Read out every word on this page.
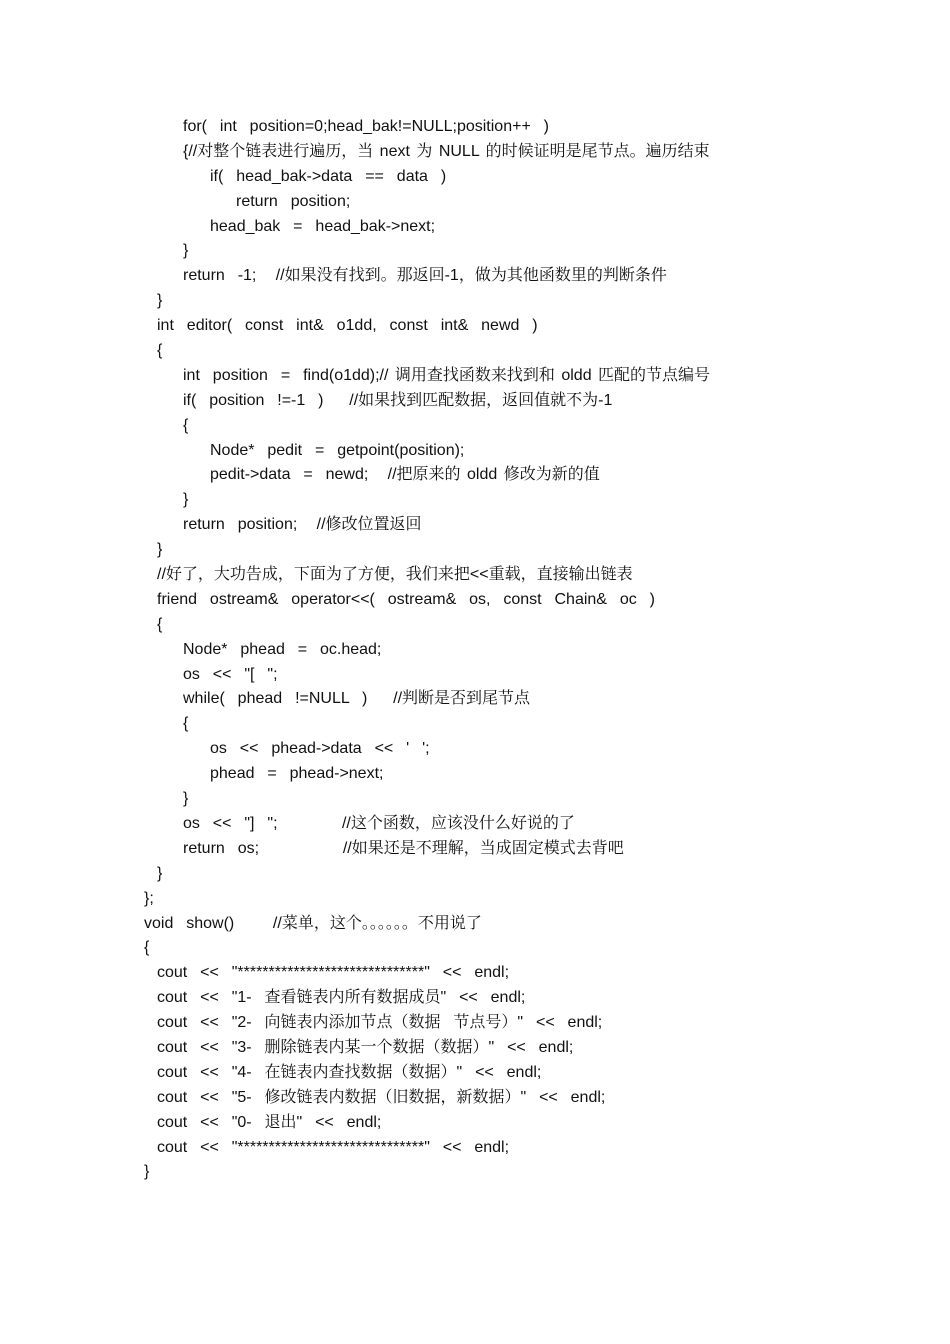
for(  int  position=0;head_bak!=NULL;position++  )
{//对整个链表进行遍历，当 next 为 NULL 的时候证明是尾节点。遍历结束
if(  head_bak->data  ==  data  )
return  position;
head_bak  =  head_bak->next;
}
return  -1;   //如果没有找到。那返回-1，做为其他函数里的判断条件
}
int  editor(  const  int&  o1dd,  const  int&  newd  )
{
int  position  =  find(o1dd);// 调用查找函数来找到和 oldd 匹配的节点编号
if(  position  !=-1  )    //如果找到匹配数据，返回值就不为-1
{
Node*  pedit  =  getpoint(position);
pedit->data  =  newd;   //把原来的 oldd 修改为新的值
}
return  position;   //修改位置返回
}
//好了，大功告成，下面为了方便，我们来把<<重载，直接输出链表
friend  ostream&  operator<<(  ostream&  os,  const  Chain&  oc  )
{
Node*  phead  =  oc.head;
os  <<  "[  ";
while(  phead  !=NULL  )    //判断是否到尾节点
{
os  <<  phead->data  <<  '  ';
phead  =  phead->next;
}
os  <<  "]  ";          //这个函数，应该没什么好说的了
return  os;             //如果还是不理解，当成固定模式去背吧
}
};
void  show()      //菜单，这个。。。。。。不用说了
{
cout  <<  "******************************"  <<  endl;
cout  <<  "1-  查看链表内所有数据成员"  <<  endl;
cout  <<  "2-  向链表内添加节点（数据  节点号）"  <<  endl;
cout  <<  "3-  删除链表内某一个数据（数据）"  <<  endl;
cout  <<  "4-  在链表内查找数据（数据）"  <<  endl;
cout  <<  "5-  修改链表内数据（旧数据，新数据）"  <<  endl;
cout  <<  "0-  退出"  <<  endl;
cout  <<  "******************************"  <<  endl;
}
